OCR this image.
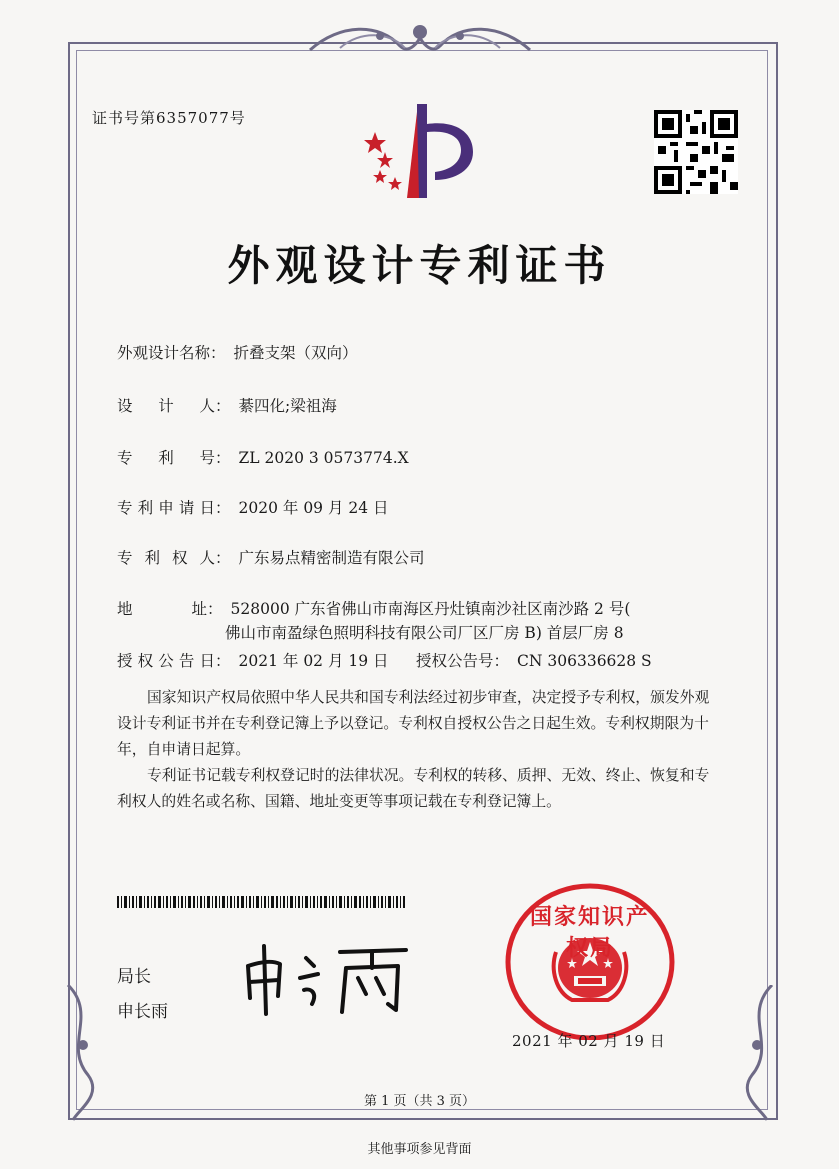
证书号第6357077号
外观设计专利证书
外观设计名称： 折叠支架（双向）
设 计 人： 綦四化;梁祖海
专 利 号： ZL 2020 3 0573774.X
专利申请日： 2020 年 09 月 24 日
专 利 权 人： 广东易点精密制造有限公司
地	址 ： 528000 广东省佛山市南海区丹灶镇南沙社区南沙路 2 号(
佛山市南盈绿色照明科技有限公司厂区厂房 B) 首层厂房 8
授权公告日： 2021 年 02 月 19 日 授权公告号： CN 306336628 S
国家知识产权局依照中华人民共和国专利法经过初步审查，决定授予专利权，颁发外观设计专利证书并在专利登记簿上予以登记。专利权自授权公告之日起生效。专利权期限为十年，自申请日起算。
专利证书记载专利权登记时的法律状况。专利权的转移、质押、无效、终止、恢复和专利权人的姓名或名称、国籍、地址变更等事项记载在专利登记簿上。
局长
申长雨
国家知识产权局
2021 年 02 月 19 日
第 1 页（共 3 页）
其他事项参见背面
